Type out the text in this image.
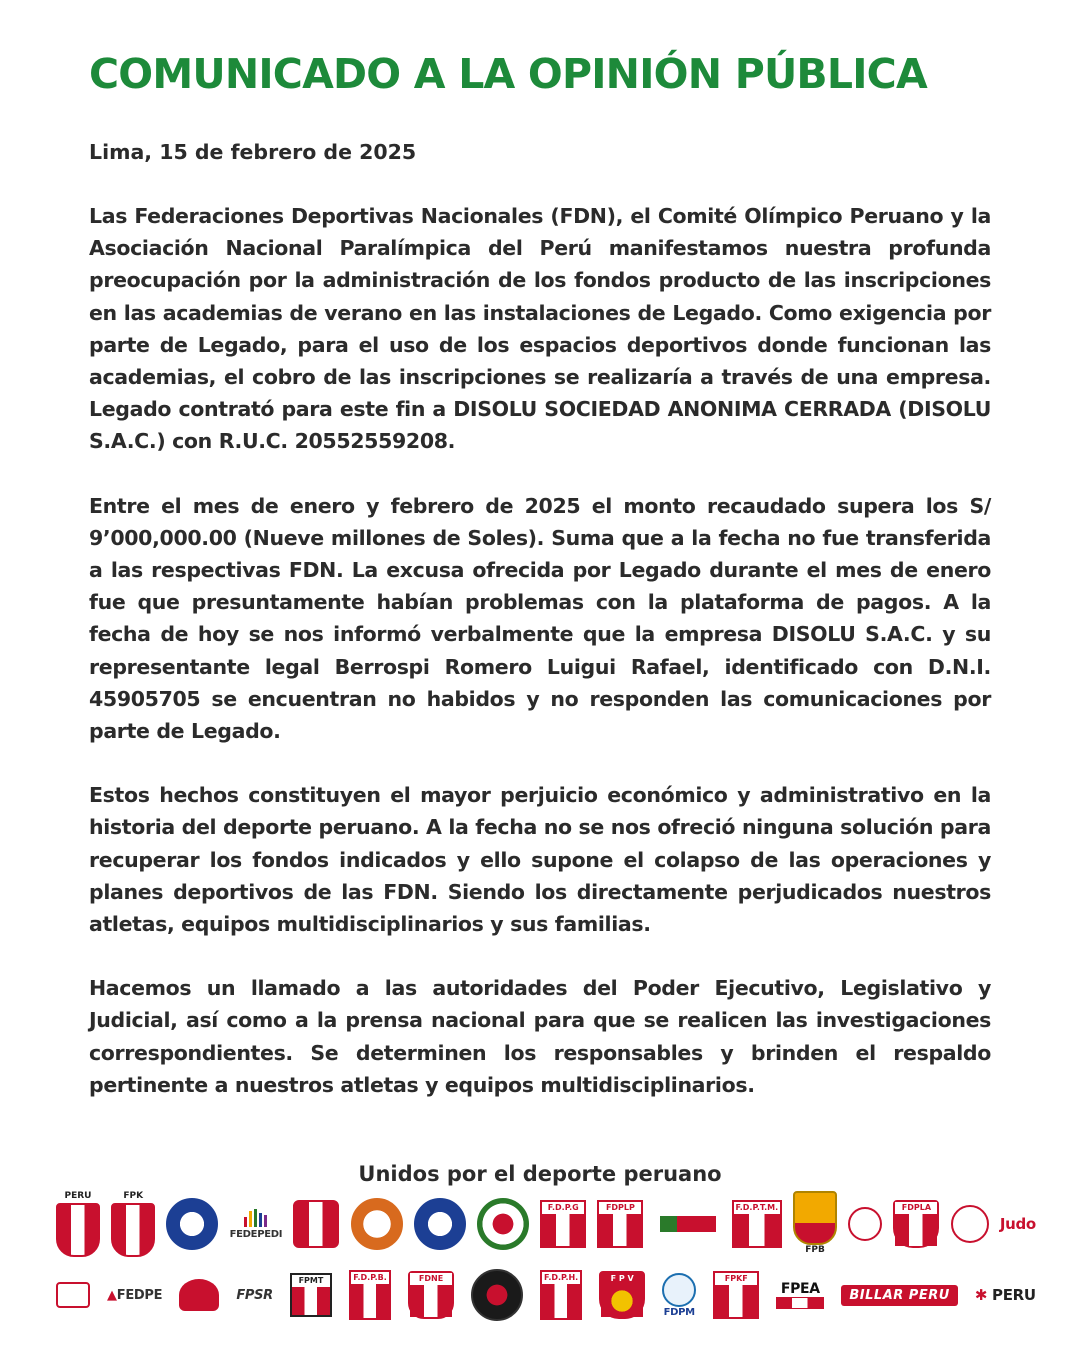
COMUNICADO A LA OPINIÓN PÚBLICA

Lima, 15 de febrero de 2025

Las Federaciones Deportivas Nacionales (FDN), el Comité Olímpico Peruano y la Asociación Nacional Paralímpica del Perú manifestamos nuestra profunda preocupación por la administración de los fondos producto de las inscripciones en las academias de verano en las instalaciones de Legado. Como exigencia por parte de Legado, para el uso de los espacios deportivos donde funcionan las academias, el cobro de las inscripciones se realizaría a través de una empresa. Legado contrató para este fin a DISOLU SOCIEDAD ANONIMA CERRADA (DISOLU S.A.C.) con R.U.C. 20552559208.

Entre el mes de enero y febrero de 2025 el monto recaudado supera los S/ 9’000,000.00 (Nueve millones de Soles). Suma que a la fecha no fue transferida a las respectivas FDN. La excusa ofrecida por Legado durante el mes de enero fue que presuntamente habían problemas con la plataforma de pagos. A la fecha de hoy se nos informó verbalmente que la empresa DISOLU S.A.C. y su representante legal Berrospi Romero Luigui Rafael, identificado con D.N.I. 45905705 se encuentran no habidos y no responden las comunicaciones por parte de Legado.

Estos hechos constituyen el mayor perjuicio económico y administrativo en la historia del deporte peruano. A la fecha no se nos ofreció ninguna solución para recuperar los fondos indicados y ello supone el colapso de las operaciones y planes deportivos de las FDN. Siendo los directamente perjudicados nuestros atletas, equipos multidisciplinarios y sus familias.

Hacemos un llamado a las autoridades del Poder Ejecutivo, Legislativo y Judicial, así como a la prensa nacional para que se realicen las investigaciones correspondientes. Se determinen los responsables y brinden el respaldo pertinente a nuestros atletas y equipos multidisciplinarios.

Unidos por el deporte peruano
PERU	FPK
FEDEPEDI
F.D.P.G	FDPLP	F.D.P.T.M.
FPB
FDPLA
Judo
▲FEDPE	FPSR
FPMT	F.D.P.B.	FDNE	F.D.P.H.	F P V
FDPM
FPKF
FPEA	BILLAR PERU	✱ PERU
